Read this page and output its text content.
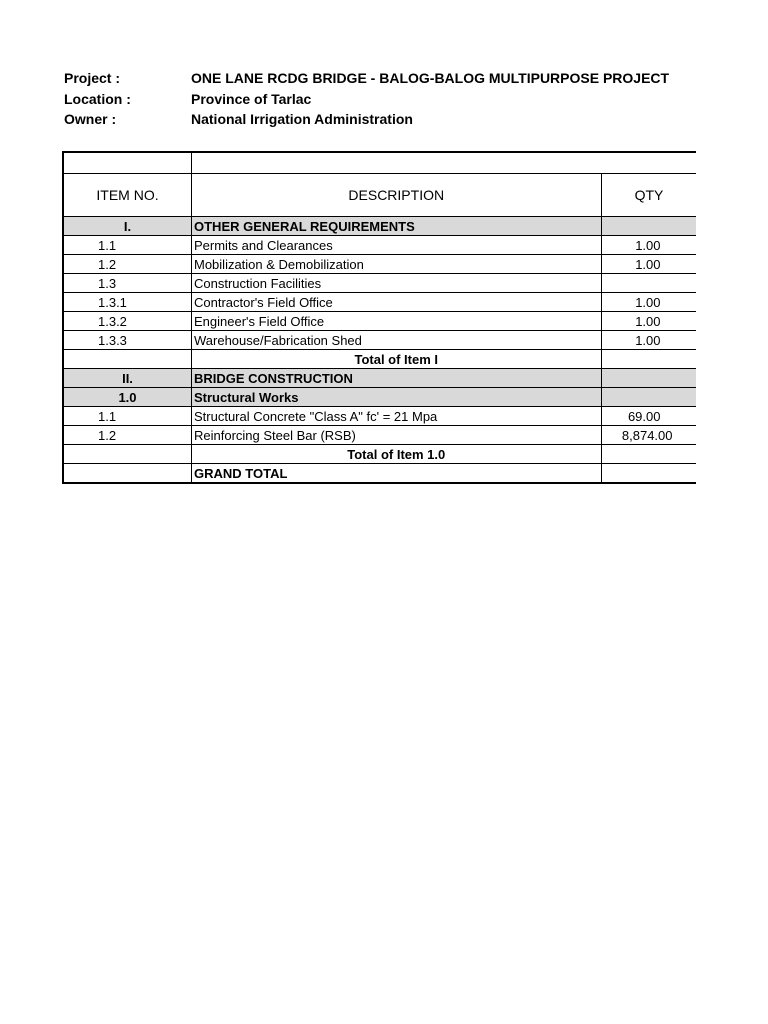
Project :	ONE LANE RCDG BRIDGE - BALOG-BALOG MULTIPURPOSE PROJECT
Location :	Province of Tarlac
Owner :	National Irrigation Administration

ITEM NO.	DESCRIPTION	QTY	
I.	OTHER GENERAL REQUIREMENTS		
1.1	Permits and Clearances	1.00	
1.2	Mobilization & Demobilization	1.00	
1.3	Construction Facilities		
1.3.1	Contractor's Field Office	1.00	
1.3.2	Engineer's Field Office	1.00	
1.3.3	Warehouse/Fabrication Shed	1.00	
	Total of Item I		
II.	BRIDGE CONSTRUCTION		
1.0	Structural Works		
1.1	Structural Concrete "Class A" fc' = 21 Mpa	69.00	
1.2	Reinforcing Steel Bar (RSB)	8,874.00	
	Total of Item 1.0		
	GRAND TOTAL		
